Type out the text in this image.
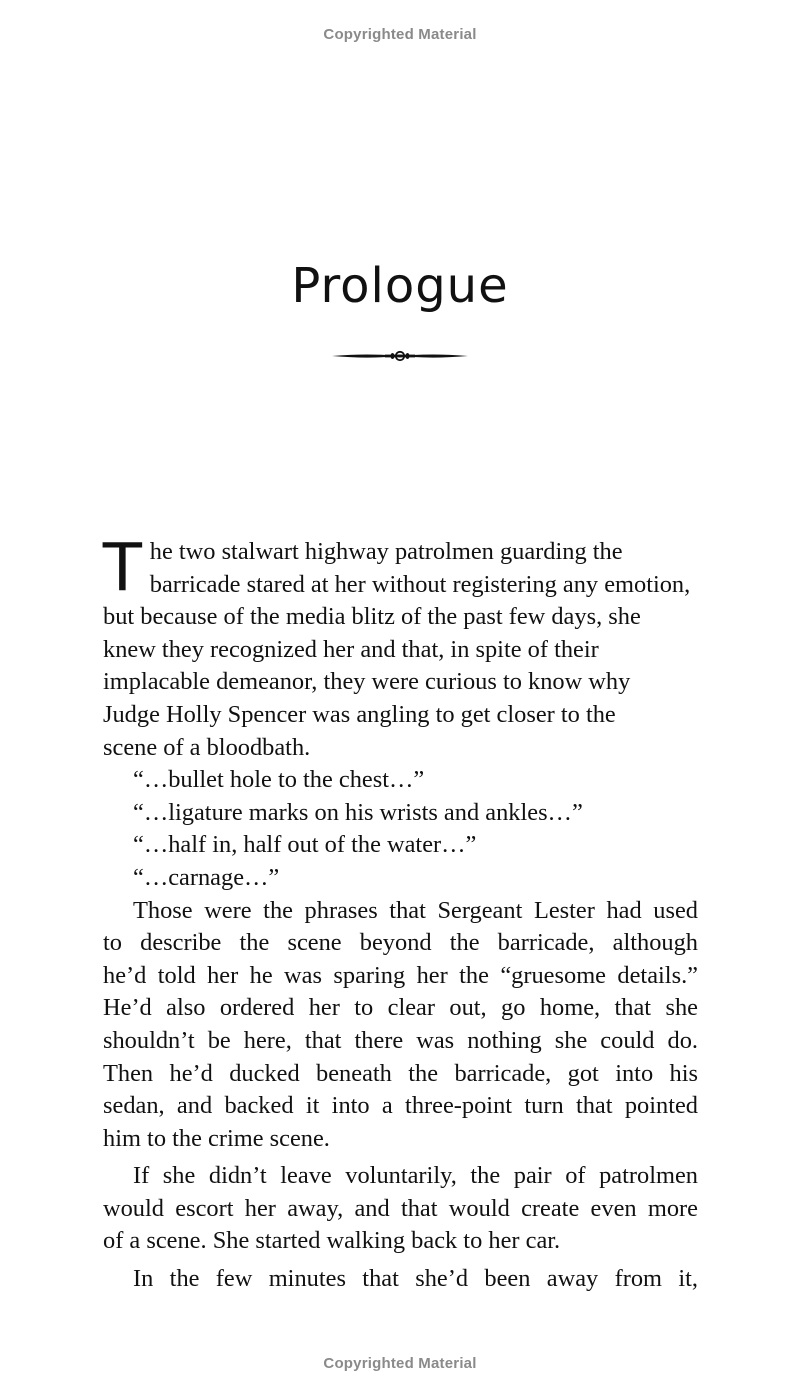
Copyrighted Material
Prologue

T he two stalwart highway patrolmen guarding the
barricade stared at her without registering any emotion,
but because of the media blitz of the past few days, she
knew they recognized her and that, in spite of their
implacable demeanor, they were curious to know why
Judge Holly Spencer was angling to get closer to the
scene of a bloodbath.

“…bullet hole to the chest…”

“…ligature marks on his wrists and ankles…”

“…half in, half out of the water…”

“…carnage…”

Those were the phrases that Sergeant Lester had used
to describe the scene beyond the barricade, although
he’d told her he was sparing her the “gruesome details.”
He’d also ordered her to clear out, go home, that she
shouldn’t be here, that there was nothing she could do.
Then he’d ducked beneath the barricade, got into his
sedan, and backed it into a three-point turn that pointed
him to the crime scene.

If she didn’t leave voluntarily, the pair of patrolmen
would escort her away, and that would create even more
of a scene. She started walking back to her car.

In the few minutes that she’d been away from it,

Copyrighted Material
